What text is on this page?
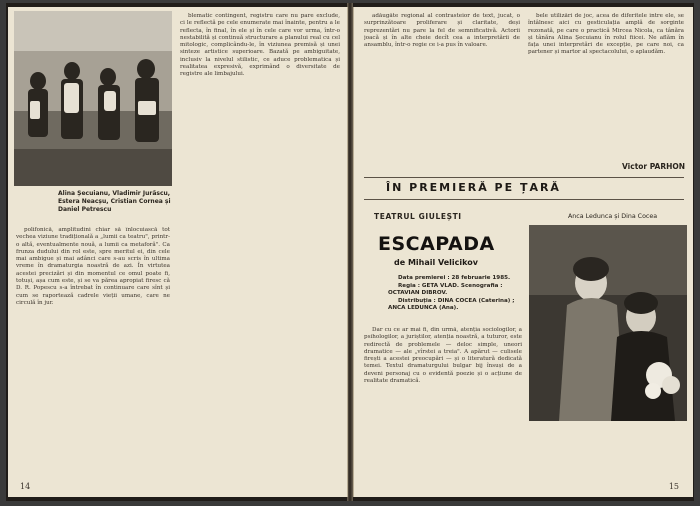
Alina Șecuianu, Vladimir Jurăscu, Estera Neacșu, Cristian Cornea și Daniel Petrescu

polifonică, amplitudini chiar să înlocuiască tot vechea viziune tradițională a „lumii ca teatru", printr-o altă, eventualmente nouă, a lumii ca metaforă". Ca frunza dudului din rol este, spre meritul ei, din cele mai ambigue și mai adânci care s-au scris în ultima vreme în dramaturgia noastră de azi. În virtutea acestei precizări și din momentul ce omul poate fi, totuși, așa cum este, și se va părea apropiat firesc că D. R. Popescu s-a întrebat în continuare care sînt și cum se raportează cadrele vieții umane, care ne circulă în jur.

blematic contingent, registru care nu pare exclude, ci le reflectă pe cele enumerate mai înainte, pentru a le reflecta, în final, în ele și în cele care vor urma, într-o nestabilită și continuă structurare a planului real cu cel mitologic, complicându-le, în viziunea premisă și unei sinteze artistice superioare. Bazată pe ambiguitate, inclusiv la nivelul stilistic, ce aduce problematica și realitatea expresivă, exprimând o diversitate de registre ale limbajului.

14

adăugăte regional al contrasteior de text, jucat, o surprinzătoare proliferare și claritate, deși reprezentări nu pare la fel de semnificativă. Actorii joacă și în alte cheie decît cea a interpretării de ansamblu, într-o regie ce i-a pus în valoare.

bele utilizări de joc, acea de diferitele intre ele, se întâlnesc aici cu gesticulația amplă de sorginte rezonată, pe care o practică Mircea Nicola, ca tânăra și tânăra Alina Șecuianu în rolul fiicei. Ne aflăm în fața unei interpretări de excepție, pe care noi, ca partener și martor al spectacolului, o aplaudăm.

Victor PARHON
ÎN PREMIERĂ PE ȚARĂ
TEATRUL GIULEȘTI	Anca Ledunca și Dina Cocea
ESCAPADA
de Mihail Velicikov
Data premierei : 28 februarie 1985.
Regia : GETA VLAD. Scenografia : OCTAVIAN DIBROV.
Distribuția : DINA COCEA (Caterina) ; ANCA LEDUNCA (Ana).

Dar cu ce ar mai fi, din urmă, atenția sociologilor, a psihologilor, a juriștilor, atenția noastră, a tuturor, este redirectă de problemele — deloc simple, uneori dramatice — ale „vîrstei a treia". A apărut — culisele firești a acestei preocupări — și o literatură dedicată temei. Textul dramaturgului bulgar bij însuși de a deveni personaj cu o evidentă poezie și o acțiune de realitate dramatică.

15
